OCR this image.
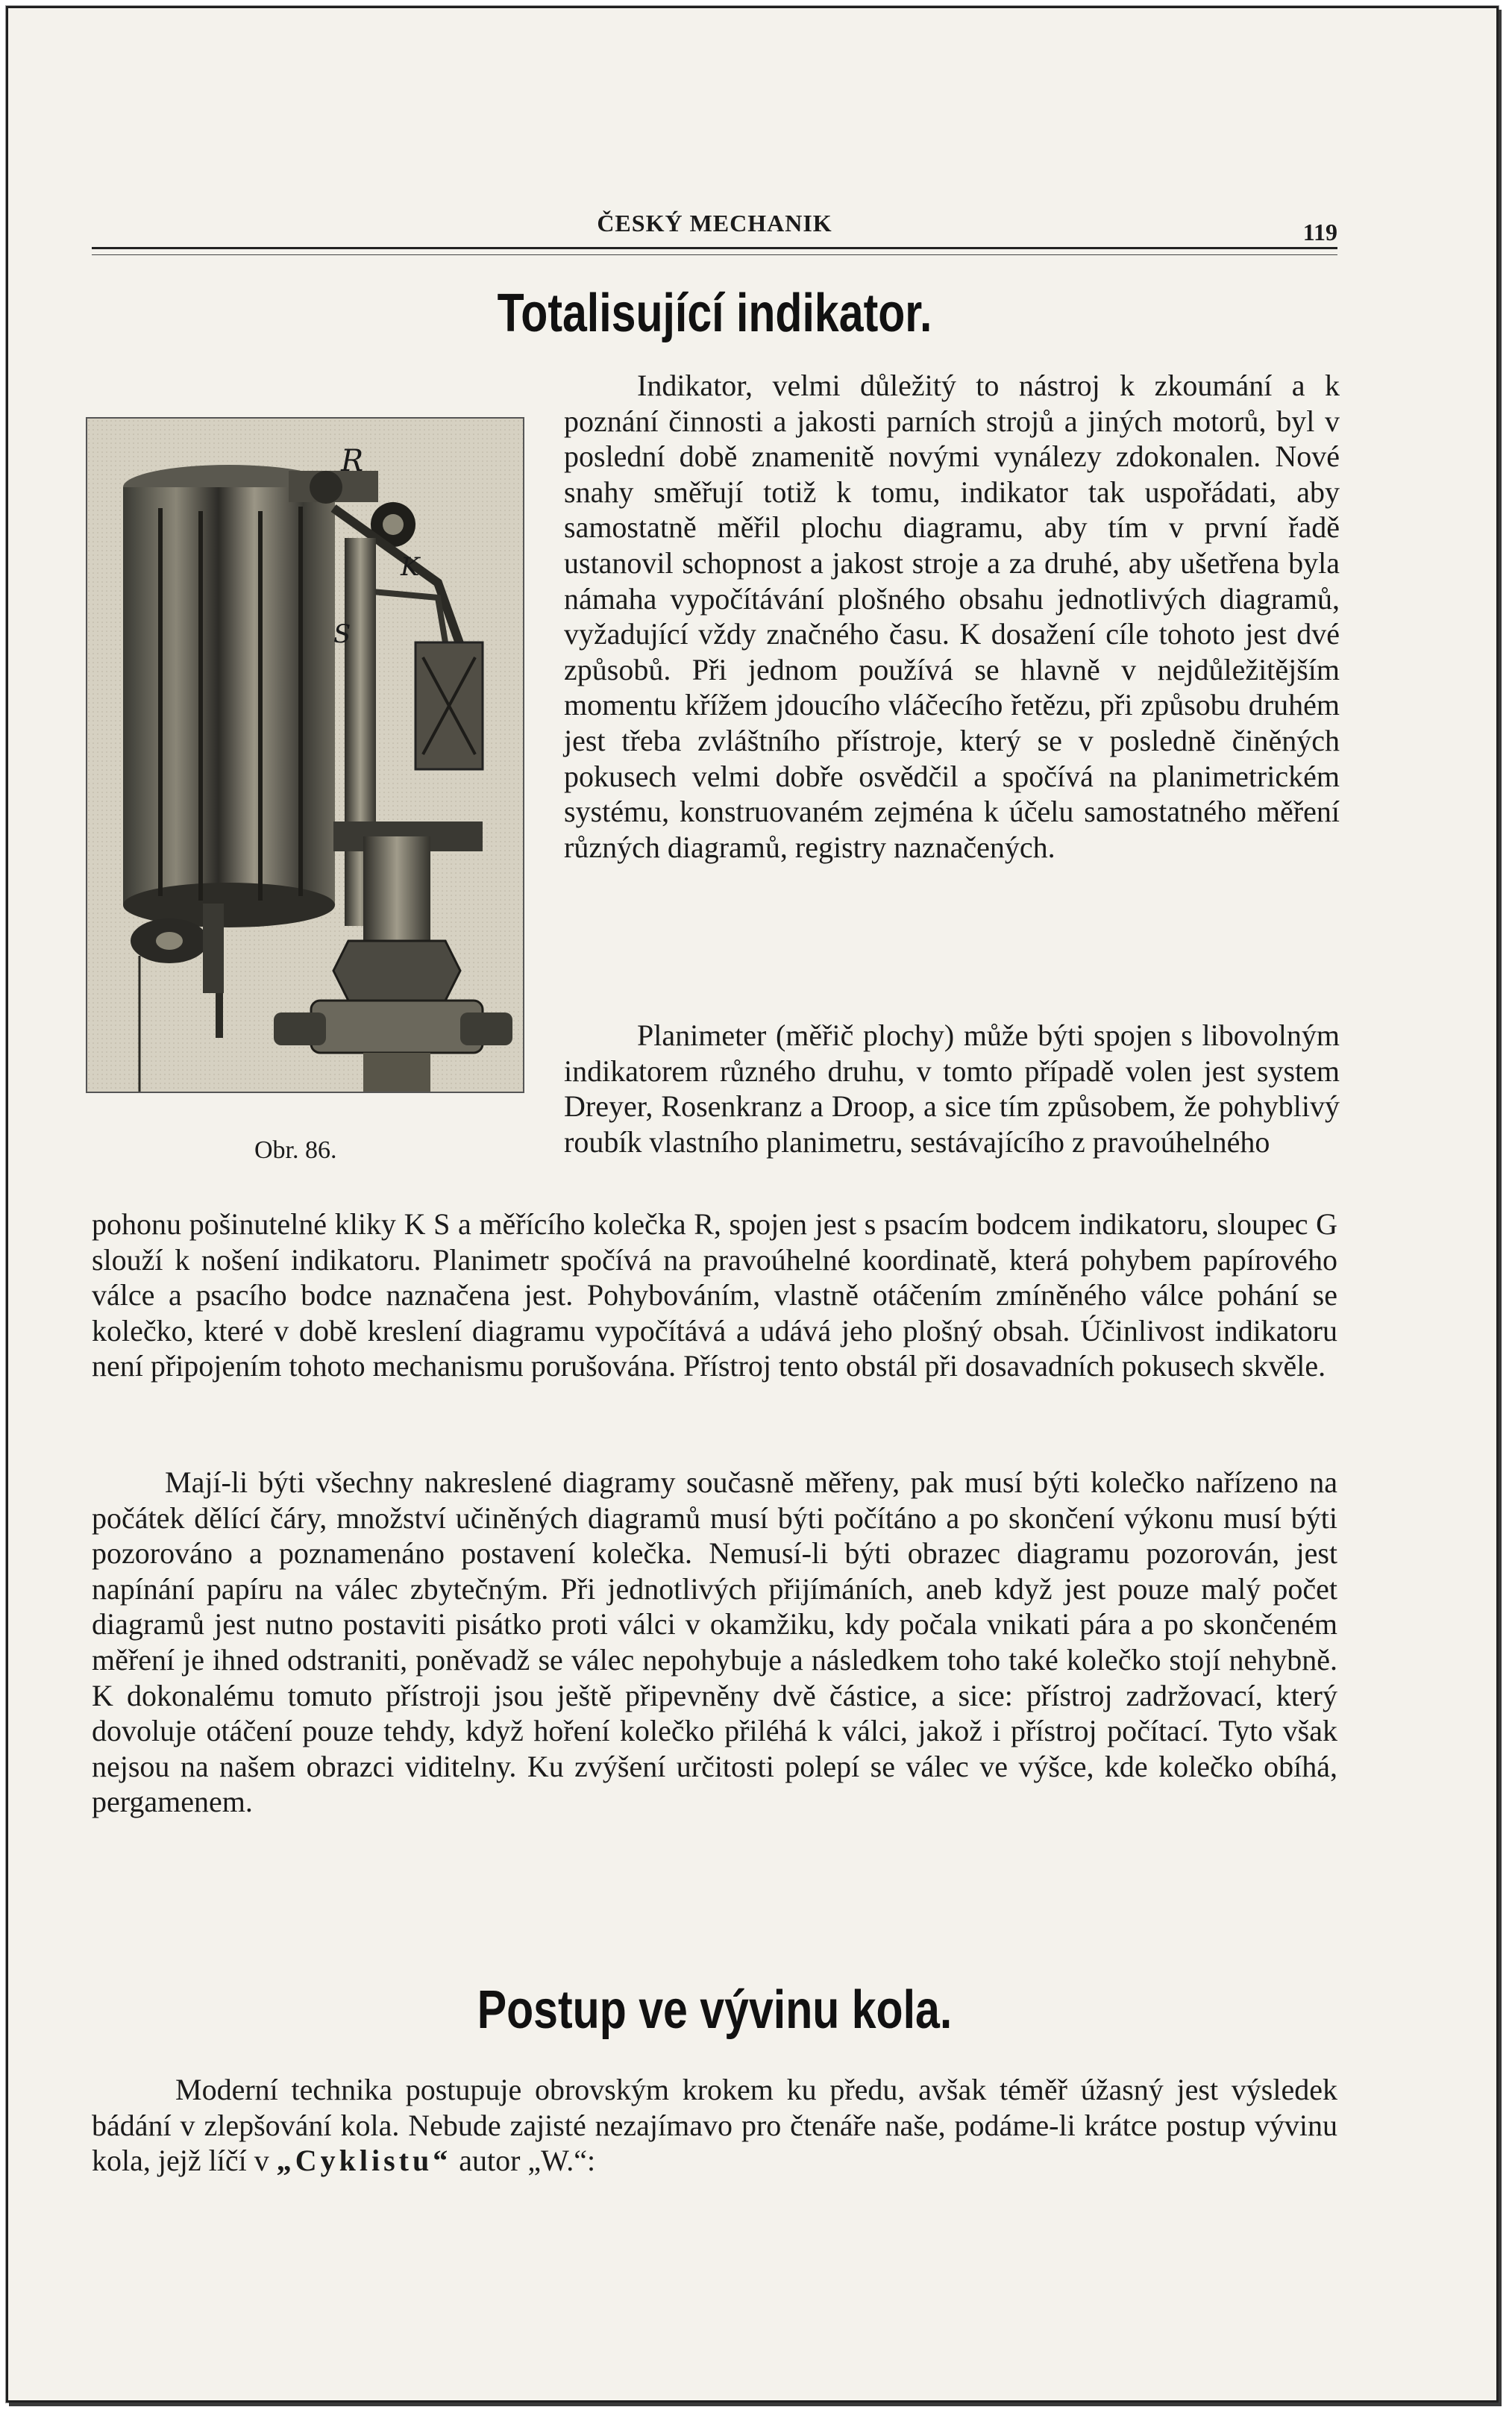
ČESKÝ MECHANIK	119
Totalisující indikator.
R
K
S
Obr. 86.

Indikator, velmi důležitý to nástroj k zkoumání a k poznání činnosti a jakosti parních strojů a jiných motorů, byl v poslední době znamenitě novými vynálezy zdokonalen. Nové snahy směřují totiž k tomu, indikator tak uspořádati, aby samostatně měřil plochu diagramu, aby tím v první řadě ustanovil schopnost a jakost stroje a za druhé, aby ušetřena byla námaha vypočítávání plošného obsahu jednotlivých diagramů, vyžadující vždy značného času. K dosažení cíle tohoto jest dvé způsobů. Při jednom používá se hlavně v nejdůležitějším momentu křížem jdoucího vláčecího řetězu, při způsobu druhém jest třeba zvláštního přístroje, který se v posledně činěných pokusech velmi dobře osvědčil a spočívá na planimetrickém systému, konstruovaném zejména k účelu samostatného měření různých diagramů, registry naznačených.

Planimeter (měřič plochy) může býti spojen s libovolným indikatorem různého druhu, v tomto případě volen jest system Dreyer, Rosenkranz a Droop, a sice tím způsobem, že pohyblivý roubík vlastního planimetru, sestávajícího z pravoúhelného

pohonu pošinutelné kliky K S a měřícího kolečka R, spojen jest s psacím bodcem indikatoru, sloupec G slouží k nošení indikatoru. Planimetr spočívá na pravoúhelné koordinatě, která pohybem papírového válce a psacího bodce naznačena jest. Pohybováním, vlastně otáčením zmíněného válce pohání se kolečko, které v době kreslení diagramu vypočítává a udává jeho plošný obsah. Účinlivost indikatoru není připojením tohoto mechanismu porušována. Přístroj tento obstál při dosavadních pokusech skvěle.

Mají-li býti všechny nakreslené diagramy současně měřeny, pak musí býti kolečko nařízeno na počátek dělící čáry, množství učiněných diagramů musí býti počítáno a po skončení výkonu musí býti pozorováno a poznamenáno postavení kolečka. Nemusí-li býti obrazec diagramu pozorován, jest napínání papíru na válec zbytečným. Při jednotlivých přijímáních, aneb když jest pouze malý počet diagramů jest nutno postaviti pisátko proti válci v okamžiku, kdy počala vnikati pára a po skončeném měření je ihned odstraniti, poněvadž se válec nepohybuje a následkem toho také kolečko stojí nehybně. K dokonalému tomuto přístroji jsou ještě připevněny dvě částice, a sice: přístroj zadržovací, který dovoluje otáčení pouze tehdy, když hoření kolečko přiléhá k válci, jakož i přístroj počítací. Tyto však nejsou na našem obrazci viditelny. Ku zvýšení určitosti polepí se válec ve výšce, kde kolečko obíhá, pergamenem.

Postup ve vývinu kola.

Moderní technika postupuje obrovským krokem ku předu, avšak téměř úžasný jest výsledek bádání v zlepšování kola. Nebude zajisté nezajímavo pro čtenáře naše, podáme-li krátce postup vývinu kola, jejž líčí v „Cyklistu“ autor „W.“:
